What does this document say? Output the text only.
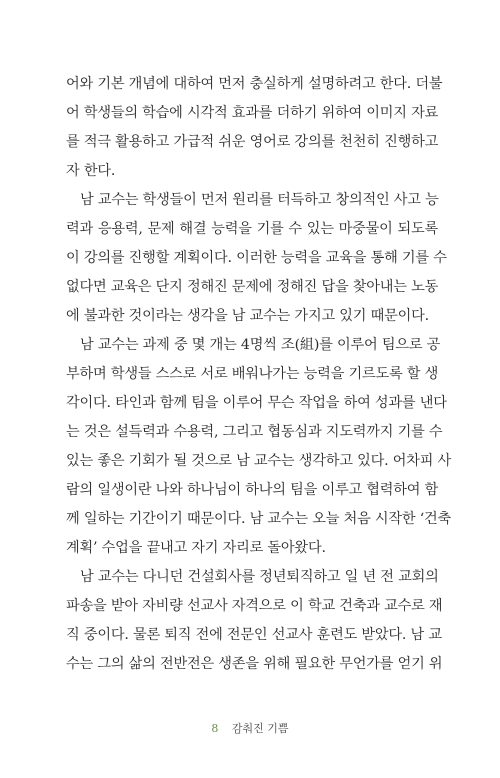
어와 기본 개념에 대하여 먼저 충실하게 설명하려고 한다. 더불
어 학생들의 학습에 시각적 효과를 더하기 위하여 이미지 자료
를 적극 활용하고 가급적 쉬운 영어로 강의를 천천히 진행하고
자 한다.
남 교수는 학생들이 먼저 원리를 터득하고 창의적인 사고 능
력과 응용력, 문제 해결 능력을 기를 수 있는 마중물이 되도록
이 강의를 진행할 계획이다. 이러한 능력을 교육을 통해 기를 수
없다면 교육은 단지 정해진 문제에 정해진 답을 찾아내는 노동
에 불과한 것이라는 생각을 남 교수는 가지고 있기 때문이다.
남 교수는 과제 중 몇 개는 4명씩 조(組)를 이루어 팀으로 공
부하며 학생들 스스로 서로 배워나가는 능력을 기르도록 할 생
각이다. 타인과 함께 팀을 이루어 무슨 작업을 하여 성과를 낸다
는 것은 설득력과 수용력, 그리고 협동심과 지도력까지 기를 수
있는 좋은 기회가 될 것으로 남 교수는 생각하고 있다. 어차피 사
람의 일생이란 나와 하나님이 하나의 팀을 이루고 협력하여 함
께 일하는 기간이기 때문이다. 남 교수는 오늘 처음 시작한 ‘건축
계획’ 수업을 끝내고 자기 자리로 돌아왔다.
남 교수는 다니던 건설회사를 정년퇴직하고 일 년 전 교회의
파송을 받아 자비량 선교사 자격으로 이 학교 건축과 교수로 재
직 중이다. 물론 퇴직 전에 전문인 선교사 훈련도 받았다. 남 교
수는 그의 삶의 전반전은 생존을 위해 필요한 무언가를 얻기 위
8 감춰진 기쁨
